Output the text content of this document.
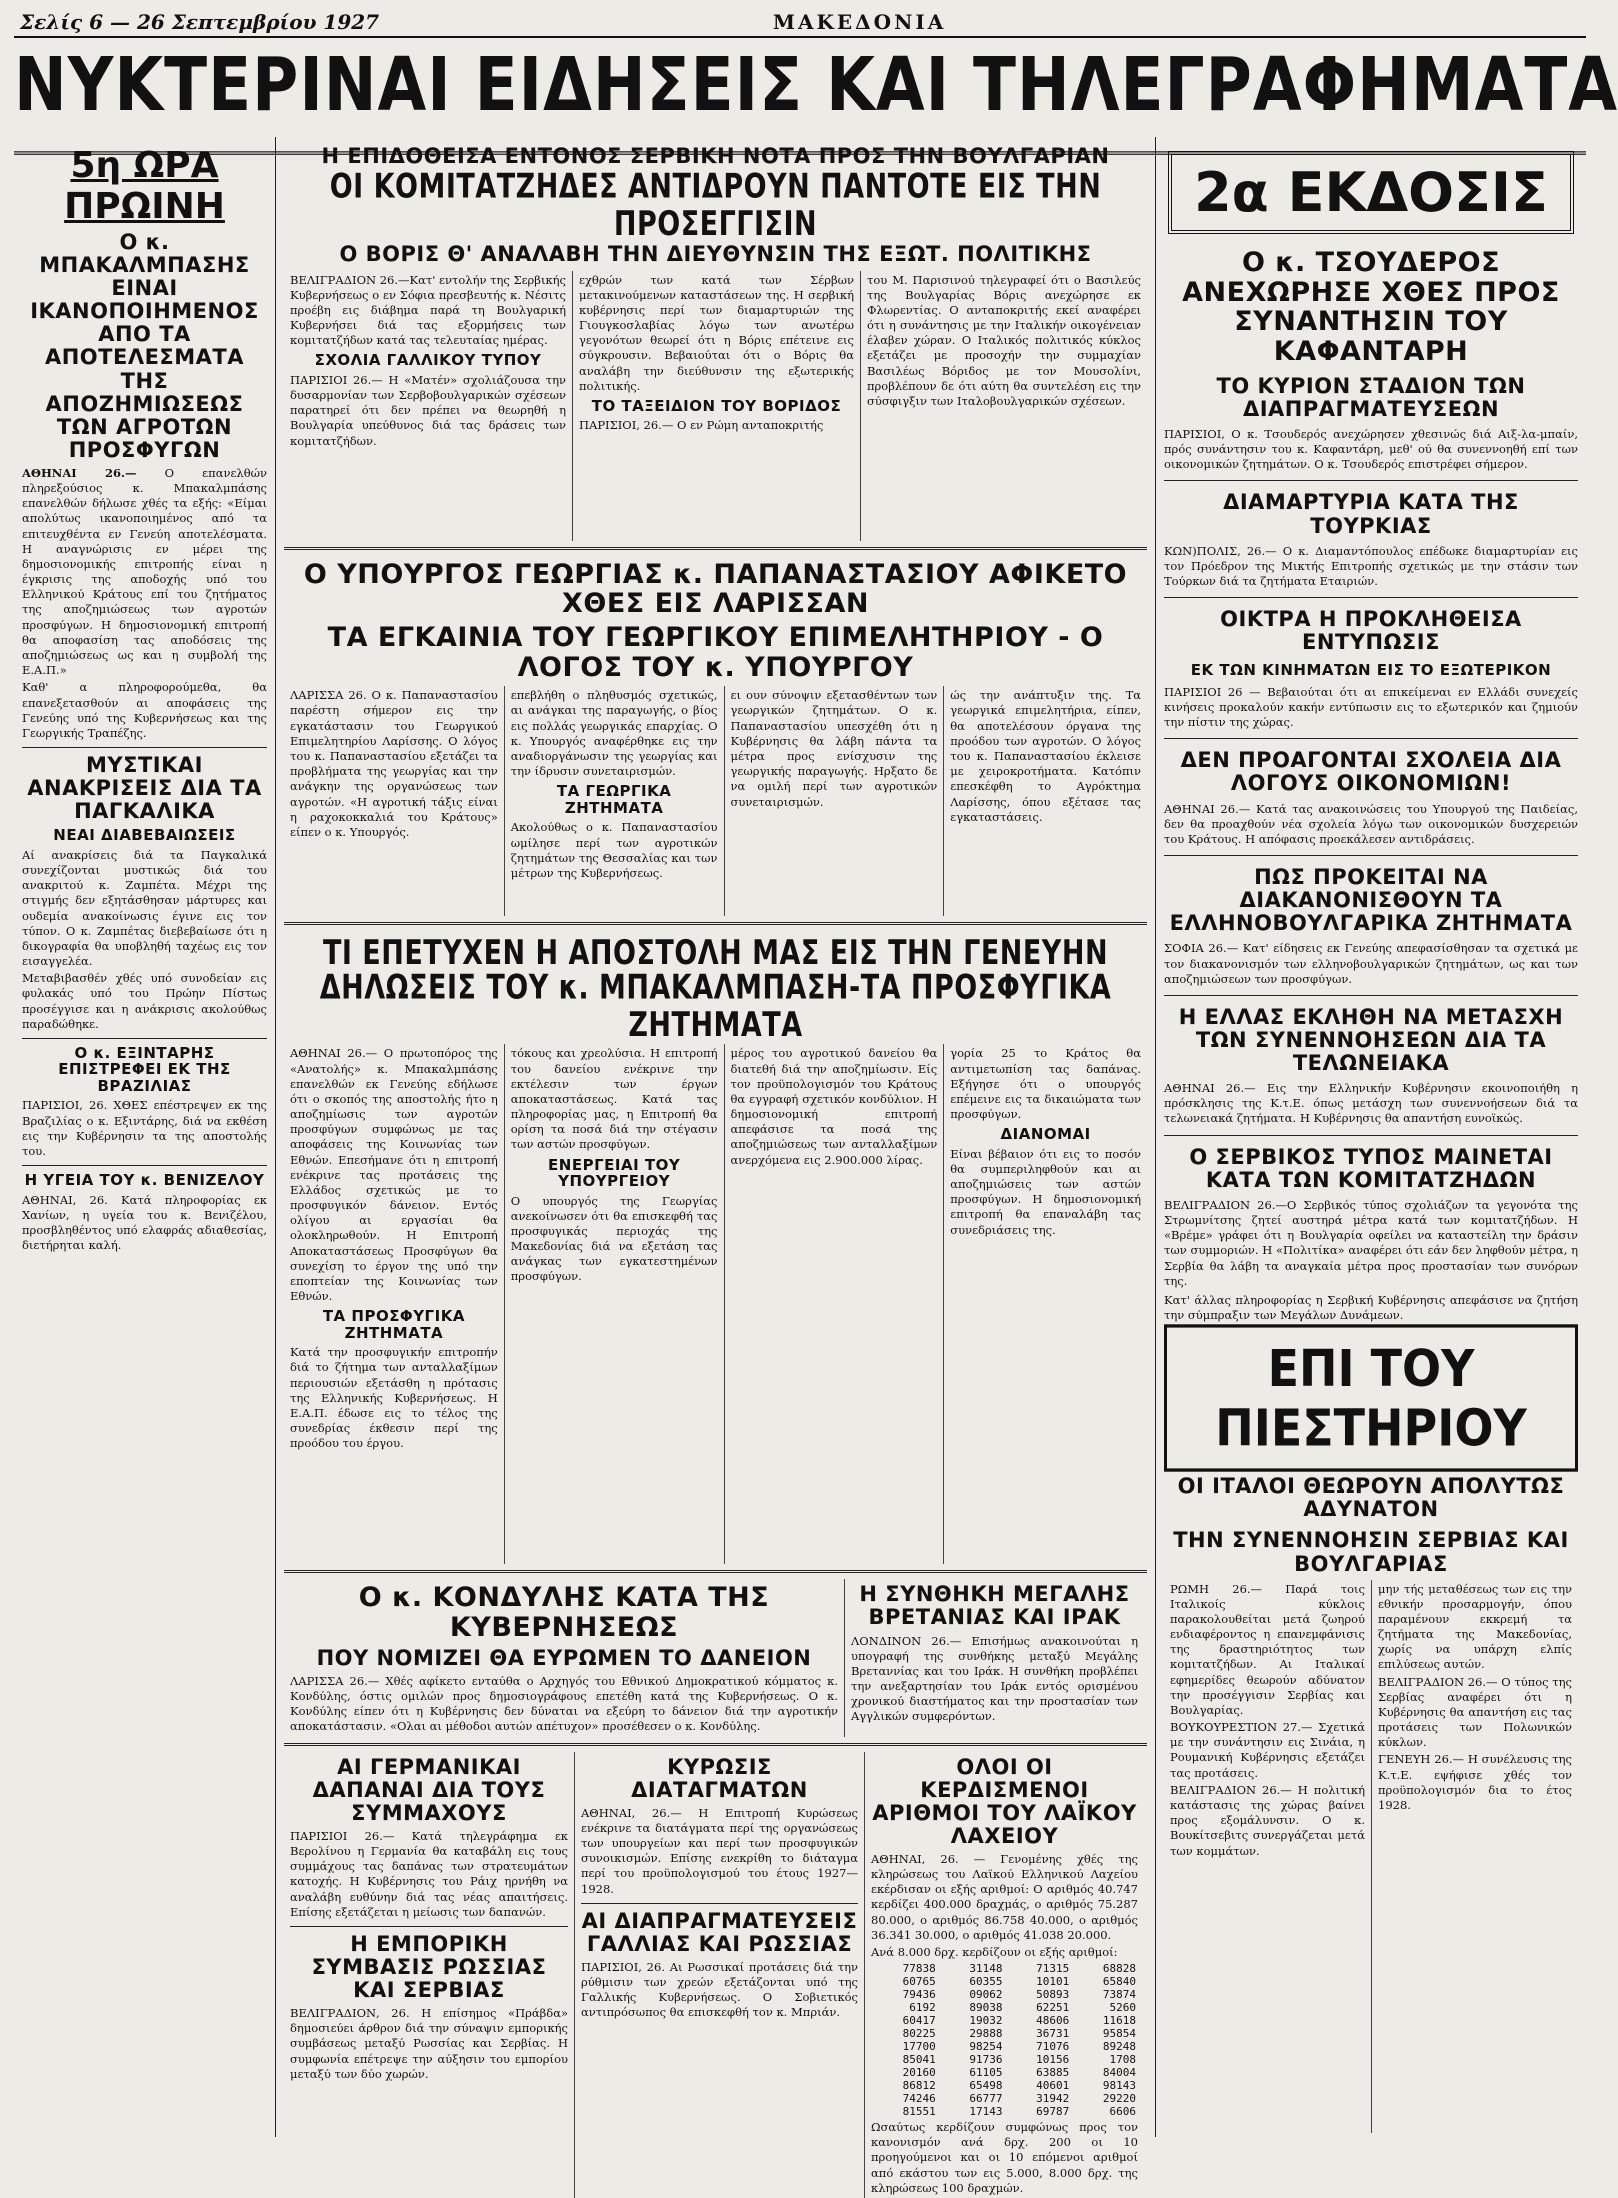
Σελίς 6 — 26 Σεπτεμβρίου 1927	ΜΑΚΕΔΟΝΙΑ
ΝΥΚΤΕΡΙΝΑΙ ΕΙΔΗΣΕΙΣ ΚΑΙ ΤΗΛΕΓΡΑΦΗΜΑΤΑ
5η ΩΡΑ ΠΡΩΙΝΗ
Ο κ. ΜΠΑΚΑΛΜΠΑΣΗΣ ΕΙΝΑΙ ΙΚΑΝΟΠΟΙΗΜΕΝΟΣ ΑΠΟ ΤΑ ΑΠΟΤΕΛΕΣΜΑΤΑ ΤΗΣ ΑΠΟΖΗΜΙΩΣΕΩΣ ΤΩΝ ΑΓΡΟΤΩΝ ΠΡΟΣΦΥΓΩΝ

ΑΘΗΝΑΙ 26.— Ο επανελθών πληρεξούσιος κ. Μπακαλμπάσης επανελθών δήλωσε χθές τα εξής: «Είμαι απολύτως ικανοποιημένος από τα επιτευχθέντα εν Γενεύη αποτελέσματα. Η αναγνώρισις εν μέρει της δημοσιονομικής επιτροπής είναι η έγκρισις της αποδοχής υπό του Ελληνικού Κράτους επί του ζητήματος της αποζημιώσεως των αγροτών προσφύγων. Η δημοσιονομική επιτροπή θα αποφασίση τας αποδόσεις της αποζημιώσεως ως και η συμβολή της Ε.Α.Π.»

Καθ' α πληροφορούμεθα, θα επανεξετασθούν αι αποφάσεις της Γενεύης υπό της Κυβερνήσεως και της Γεωργικής Τραπέζης.

ΜΥΣΤΙΚΑΙ ΑΝΑΚΡΙΣΕΙΣ ΔΙΑ ΤΑ ΠΑΓΚΑΛΙΚΑ
ΝΕΑΙ ΔΙΑΒΕΒΑΙΩΣΕΙΣ

Αί ανακρίσεις διά τα Παγκαλικά συνεχίζονται μυστικώς διά του ανακριτού κ. Ζαμπέτα. Μέχρι της στιγμής δεν εξητάσθησαν μάρτυρες και ουδεμία ανακοίνωσις έγινε εις τον τύπον. Ο κ. Ζαμπέτας διεβεβαίωσε ότι η δικογραφία θα υποβληθή ταχέως εις τον εισαγγελέα.

Μεταβιβασθέν χθές υπό συνοδείαν εις φυλακάς υπό του Πρώην Πίστως προσέγγισε και η ανάκρισις ακολούθως παραδώθηκε.

Ο κ. ΕΞΙΝΤΑΡΗΣ ΕΠΙΣΤΡΕΦΕΙ ΕΚ ΤΗΣ ΒΡΑΖΙΛΙΑΣ

ΠΑΡΙΣΙΟΙ, 26. ΧΘΕΣ επέστρεψεν εκ της Βραζιλίας ο κ. Εξιντάρης, διά να εκθέση εις την Κυβέρνησιν τα της αποστολής του.

Η ΥΓΕΙΑ ΤΟΥ κ. ΒΕΝΙΖΕΛΟΥ

ΑΘΗΝΑΙ, 26. Κατά πληροφορίας εκ Χανίων, η υγεία του κ. Βενιζέλου, προσβληθέντος υπό ελαφράς αδιαθεσίας, διετήρηται καλή.

Η ΕΠΙΔΟΘΕΙΣΑ ΕΝΤΟΝΟΣ ΣΕΡΒΙΚΗ ΝΟΤΑ ΠΡΟΣ ΤΗΝ ΒΟΥΛΓΑΡΙΑΝ
ΟΙ ΚΟΜΙΤΑΤΖΗΔΕΣ ΑΝΤΙΔΡΟΥΝ ΠΑΝΤΟΤΕ ΕΙΣ ΤΗΝ ΠΡΟΣΕΓΓΙΣΙΝ
Ο ΒΟΡΙΣ Θ' ΑΝΑΛΑΒΗ ΤΗΝ ΔΙΕΥΘΥΝΣΙΝ ΤΗΣ ΕΞΩΤ. ΠΟΛΙΤΙΚΗΣ

ΒΕΛΙΓΡΑΔΙΟΝ 26.—Κατ' εντολήν της Σερβικής Κυβερνήσεως ο εν Σόφια πρεσβευτής κ. Νέσιτς προέβη εις διάβημα παρά τη Βουλγαρική Κυβερνήσει διά τας εξορμήσεις των κομιτατζήδων κατά τας τελευταίας ημέρας.

ΣΧΟΛΙΑ ΓΑΛΛΙΚΟΥ ΤΥΠΟΥ

ΠΑΡΙΣΙΟΙ 26.— Η «Ματέν» σχολιάζουσα την δυσαρμονίαν των Σερβοβουλγαρικών σχέσεων παρατηρεί ότι δεν πρέπει να θεωρηθή η Βουλγαρία υπεύθυνος διά τας δράσεις των κομιτατζήδων.

εχθρών των κατά των Σέρβων μετακινούμενων καταστάσεων της. Η σερβική κυβέρνησις περί των διαμαρτυριών της Γιουγκοσλαβίας λόγω των ανωτέρω γεγονότων θεωρεί ότι η Βόρις επέτεινε εις σύγκρουσιν. Βεβαιούται ότι ο Βόρις θα αναλάβη την διεύθυνσιν της εξωτερικής πολιτικής.

ΤΟ ΤΑΞΕΙΔΙΟΝ ΤΟΥ ΒΟΡΙΔΟΣ

ΠΑΡΙΣΙΟΙ, 26.— Ο εν Ρώμη ανταποκριτής

του Μ. Παρισινού τηλεγραφεί ότι ο Βασιλεύς της Βουλγαρίας Βόρις ανεχώρησε εκ Φλωρεντίας. Ο ανταποκριτής εκεί αναφέρει ότι η συνάντησις με την Ιταλικήν οικογένειαν έλαβεν χώραν. Ο Ιταλικός πολιτικός κύκλος εξετάζει με προσοχήν την συμμαχίαν Βασιλέως Βόριδος με τον Μουσολίνι, προβλέπουν δε ότι αύτη θα συντελέση εις την σύσφιγξιν των Ιταλοβουλγαρικών σχέσεων.

Ο ΥΠΟΥΡΓΟΣ ΓΕΩΡΓΙΑΣ κ. ΠΑΠΑΝΑΣΤΑΣΙΟΥ ΑΦΙΚΕΤΟ ΧΘΕΣ ΕΙΣ ΛΑΡΙΣΣΑΝ
ΤΑ ΕΓΚΑΙΝΙΑ ΤΟΥ ΓΕΩΡΓΙΚΟΥ ΕΠΙΜΕΛΗΤΗΡΙΟΥ - Ο ΛΟΓΟΣ ΤΟΥ κ. ΥΠΟΥΡΓΟΥ

ΛΑΡΙΣΣΑ 26. Ο κ. Παπαναστασίου παρέστη σήμερον εις την εγκατάστασιν του Γεωργικού Επιμελητηρίου Λαρίσσης. Ο λόγος του κ. Παπαναστασίου εξετάζει τα προβλήματα της γεωργίας και την ανάγκην της οργανώσεως των αγροτών. «Η αγροτική τάξις είναι η ραχοκοκκαλιά του Κράτους» είπεν ο κ. Υπουργός.

επεβλήθη ο πληθυσμός σχετικώς, αι ανάγκαι της παραγωγής, ο βίος εις πολλάς γεωργικάς επαρχίας. Ο κ. Υπουργός αναφέρθηκε εις την αναδιοργάνωσιν της γεωργίας και την ίδρυσιν συνεταιρισμών.

ΤΑ ΓΕΩΡΓΙΚΑ ΖΗΤΗΜΑΤΑ

Ακολούθως ο κ. Παπαναστασίου ωμίλησε περί των αγροτικών ζητημάτων της Θεσσαλίας και των μέτρων της Κυβερνήσεως.

ει ουν σύνοψιν εξετασθέντων των γεωργικών ζητημάτων. Ο κ. Παπαναστασίου υπεσχέθη ότι η Κυβέρνησις θα λάβη πάντα τα μέτρα προς ενίσχυσιν της γεωργικής παραγωγής. Ηρξατο δε να ομιλή περί των αγροτικών συνεταιρισμών.

ώς την ανάπτυξιν της. Τα γεωργικά επιμελητήρια, είπεν, θα αποτελέσουν όργανα της προόδου των αγροτών. Ο λόγος του κ. Παπαναστασίου έκλεισε με χειροκροτήματα. Κατόπιν επεσκέφθη το Αγρόκτημα Λαρίσσης, όπου εξέτασε τας εγκαταστάσεις.

ΤΙ ΕΠΕΤΥΧΕΝ Η ΑΠΟΣΤΟΛΗ ΜΑΣ ΕΙΣ ΤΗΝ ΓΕΝΕΥΗΝ
ΔΗΛΩΣΕΙΣ ΤΟΥ κ. ΜΠΑΚΑΛΜΠΑΣΗ-ΤΑ ΠΡΟΣΦΥΓΙΚΑ ΖΗΤΗΜΑΤΑ

ΑΘΗΝΑΙ 26.— Ο πρωτοπόρος της «Ανατολής» κ. Μπακαλμπάσης επανελθών εκ Γενεύης εδήλωσε ότι ο σκοπός της αποστολής ήτο η αποζημίωσις των αγροτών προσφύγων συμφώνως με τας αποφάσεις της Κοινωνίας των Εθνών. Επεσήμανε ότι η επιτροπή ενέκρινε τας προτάσεις της Ελλάδος σχετικώς με το προσφυγικόν δάνειον. Εντός ολίγου αι εργασίαι θα ολοκληρωθούν. Η Επιτροπή Αποκαταστάσεως Προσφύγων θα συνεχίση το έργον της υπό την εποπτείαν της Κοινωνίας των Εθνών.

ΤΑ ΠΡΟΣΦΥΓΙΚΑ ΖΗΤΗΜΑΤΑ

Κατά την προσφυγικήν επιτροπήν διά το ζήτημα των ανταλλαξίμων περιουσιών εξετάσθη η πρότασις της Ελληνικής Κυβερνήσεως. Η Ε.Α.Π. έδωσε εις το τέλος της συνεδρίας έκθεσιν περί της προόδου του έργου.

τόκους και χρεολύσια. Η επιτροπή του δανείου ενέκρινε την εκτέλεσιν των έργων αποκαταστάσεως. Κατά τας πληροφορίας μας, η Επιτροπή θα ορίση τα ποσά διά την στέγασιν των αστών προσφύγων.

ΕΝΕΡΓΕΙΑΙ ΤΟΥ ΥΠΟΥΡΓΕΙΟΥ

Ο υπουργός της Γεωργίας ανεκοίνωσεν ότι θα επισκεφθή τας προσφυγικάς περιοχάς της Μακεδονίας διά να εξετάση τας ανάγκας των εγκατεστημένων προσφύγων.

μέρος του αγροτικού δανείου θα διατεθή διά την αποζημίωσιν. Είς τον προϋπολογισμόν του Κράτους θα εγγραφή σχετικόν κονδύλιον. Η δημοσιονομική επιτροπή απεφάσισε τα ποσά της αποζημιώσεως των ανταλλαξίμων ανερχόμενα εις 2.900.000 λίρας.

γορία 25 το Κράτος θα αντιμετωπίση τας δαπάνας. Εξήγησε ότι ο υπουργός επέμεινε εις τα δικαιώματα των προσφύγων.

ΔΙΑΝΟΜΑΙ

Είναι βέβαιον ότι εις το ποσόν θα συμπεριληφθούν και αι αποζημιώσεις των αστών προσφύγων. Η δημοσιονομική επιτροπή θα επαναλάβη τας συνεδριάσεις της.

Ο κ. ΚΟΝΔΥΛΗΣ ΚΑΤΑ ΤΗΣ ΚΥΒΕΡΝΗΣΕΩΣ
ΠΟΥ ΝΟΜΙΖΕΙ ΘΑ ΕΥΡΩΜΕΝ ΤΟ ΔΑΝΕΙΟΝ

ΛΑΡΙΣΣΑ 26.— Χθές αφίκετο ενταύθα ο Αρχηγός του Εθνικού Δημοκρατικού κόμματος κ. Κονδύλης, όστις ομιλών προς δημοσιογράφους επετέθη κατά της Κυβερνήσεως. Ο κ. Κονδύλης είπεν ότι η Κυβέρνησις δεν δύναται να εξεύρη το δάνειον διά την αγροτικήν αποκατάστασιν. «Ολαι αι μέθοδοι αυτών απέτυχον» προσέθεσεν ο κ. Κονδύλης.

Η ΣΥΝΘΗΚΗ ΜΕΓΑΛΗΣ ΒΡΕΤΑΝΙΑΣ ΚΑΙ ΙΡΑΚ

ΛΟΝΔΙΝΟΝ 26.— Επισήμως ανακοινούται η υπογραφή της συνθήκης μεταξύ Μεγάλης Βρεταννίας και του Ιράκ. Η συνθήκη προβλέπει την ανεξαρτησίαν του Ιράκ εντός ορισμένου χρονικού διαστήματος και την προστασίαν των Αγγλικών συμφερόντων.

ΑΙ ΓΕΡΜΑΝΙΚΑΙ ΔΑΠΑΝΑΙ ΔΙΑ ΤΟΥΣ ΣΥΜΜΑΧΟΥΣ

ΠΑΡΙΣΙΟΙ 26.— Κατά τηλεγράφημα εκ Βερολίνου η Γερμανία θα καταβάλη εις τους συμμάχους τας δαπάνας των στρατευμάτων κατοχής. Η Κυβέρνησις του Ράιχ ηρνήθη να αναλάβη ευθύνην διά τας νέας απαιτήσεις. Επίσης εξετάζεται η μείωσις των δαπανών.

Η ΕΜΠΟΡΙΚΗ ΣΥΜΒΑΣΙΣ ΡΩΣΣΙΑΣ ΚΑΙ ΣΕΡΒΙΑΣ

ΒΕΛΙΓΡΑΔΙΟΝ, 26. Η επίσημος «Πράβδα» δημοσιεύει άρθρον διά την σύναψιν εμπορικής συμβάσεως μεταξύ Ρωσσίας και Σερβίας. Η συμφωνία επέτρεψε την αύξησιν του εμπορίου μεταξύ των δύο χωρών.

ΚΥΡΩΣΙΣ ΔΙΑΤΑΓΜΑΤΩΝ

ΑΘΗΝΑΙ, 26.— Η Επιτροπή Κυρώσεως ενέκρινε τα διατάγματα περί της οργανώσεως των υπουργείων και περί των προσφυγικών συνοικισμών. Επίσης ενεκρίθη το διάταγμα περί του προϋπολογισμού του έτους 1927—1928.

ΑΙ ΔΙΑΠΡΑΓΜΑΤΕΥΣΕΙΣ ΓΑΛΛΙΑΣ ΚΑΙ ΡΩΣΣΙΑΣ

ΠΑΡΙΣΙΟΙ, 26. Αι Ρωσσικαί προτάσεις διά την ρύθμισιν των χρεών εξετάζονται υπό της Γαλλικής Κυβερνήσεως. Ο Σοβιετικός αντιπρόσωπος θα επισκεφθή τον κ. Μπριάν.

ΟΛΟΙ ΟΙ ΚΕΡΔΙΣΜΕΝΟΙ ΑΡΙΘΜΟΙ ΤΟΥ ΛΑΪΚΟΥ ΛΑΧΕΙΟΥ

ΑΘΗΝΑΙ, 26. — Γενομένης χθές της κληρώσεως του Λαϊκού Ελληνικού Λαχείου εκέρδισαν οι εξής αριθμοί: Ο αριθμός 40.747 κερδίζει 400.000 δραχμάς, ο αριθμός 75.287 80.000, ο αριθμός 86.758 40.000, ο αριθμός 36.341 30.000, ο αριθμός 41.038 20.000.

Ανά 8.000 δρχ. κερδίζουν οι εξής αριθμοί:

77838	31148	71315	68828
60765	60355	10101	65840
79436	09062	50893	73874
6192	89038	62251	5260
60417	19032	48606	11618
80225	29888	36731	95854
17700	98254	71076	89248
85041	91736	10156	1708
20160	61105	63885	84004
86812	65498	40601	98143
74246	66777	31942	29220
81551	17143	69787	6606

Ωσαύτως κερδίζουν συμφώνως προς τον κανονισμόν ανά δρχ. 200 οι 10 προηγούμενοι και οι 10 επόμενοι αριθμοί από εκάστου των εις 5.000, 8.000 δρχ. της κληρώσεως 100 δραχμών.

2α ΕΚΔΟΣΙΣ
Ο κ. ΤΣΟΥΔΕΡΟΣ ΑΝΕΧΩΡΗΣΕ ΧΘΕΣ ΠΡΟΣ ΣΥΝΑΝΤΗΣΙΝ ΤΟΥ ΚΑΦΑΝΤΑΡΗ
ΤΟ ΚΥΡΙΟΝ ΣΤΑΔΙΟΝ ΤΩΝ ΔΙΑΠΡΑΓΜΑΤΕΥΣΕΩΝ

ΠΑΡΙΣΙΟΙ, Ο κ. Τσουδερός ανεχώρησεν χθεσινώς διά Αιξ-λα-μπαίν, πρός συνάντησιν του κ. Καφαντάρη, μεθ' ού θα συνεννοηθή επί των οικονομικών ζητημάτων. Ο κ. Τσουδερός επιστρέφει σήμερον.

ΔΙΑΜΑΡΤΥΡΙΑ ΚΑΤΑ ΤΗΣ ΤΟΥΡΚΙΑΣ

ΚΩΝ)ΠΟΛΙΣ, 26.— Ο κ. Διαμαντόπουλος επέδωκε διαμαρτυρίαν εις τον Πρόεδρον της Μικτής Επιτροπής σχετικώς με την στάσιν των Τούρκων διά τα ζητήματα Εταιριών.

ΟΙΚΤΡΑ Η ΠΡΟΚΛΗΘΕΙΣΑ ΕΝΤΥΠΩΣΙΣ
ΕΚ ΤΩΝ ΚΙΝΗΜΑΤΩΝ ΕΙΣ ΤΟ ΕΞΩΤΕΡΙΚΟΝ

ΠΑΡΙΣΙΟΙ 26 — Βεβαιούται ότι αι επικείμεναι εν Ελλάδι συνεχείς κινήσεις προκαλούν κακήν εντύπωσιν εις το εξωτερικόν και ζημιούν την πίστιν της χώρας.

ΔΕΝ ΠΡΟΑΓΟΝΤΑΙ ΣΧΟΛΕΙΑ ΔΙΑ ΛΟΓΟΥΣ ΟΙΚΟΝΟΜΙΩΝ!

ΑΘΗΝΑΙ 26.— Κατά τας ανακοινώσεις του Υπουργού της Παιδείας, δεν θα προαχθούν νέα σχολεία λόγω των οικονομικών δυσχερειών του Κράτους. Η απόφασις προεκάλεσεν αντιδράσεις.

ΠΩΣ ΠΡΟΚΕΙΤΑΙ ΝΑ ΔΙΑΚΑΝΟΝΙΣΘΟΥΝ ΤΑ ΕΛΛΗΝΟΒΟΥΛΓΑΡΙΚΑ ΖΗΤΗΜΑΤΑ

ΣΟΦΙΑ 26.— Κατ' είδησεις εκ Γενεύης απεφασίσθησαν τα σχετικά με τον διακανονισμόν των ελληνοβουλγαρικών ζητημάτων, ως και των αποζημιώσεων των προσφύγων.

Η ΕΛΛΑΣ ΕΚΛΗΘΗ ΝΑ ΜΕΤΑΣΧΗ ΤΩΝ ΣΥΝΕΝΝΟΗΣΕΩΝ ΔΙΑ ΤΑ ΤΕΛΩΝΕΙΑΚΑ

ΑΘΗΝΑΙ 26.— Εις την Ελληνικήν Κυβέρνησιν εκοινοποιήθη η πρόσκλησις της Κ.τ.Ε. όπως μετάσχη των συνεννοήσεων διά τα τελωνειακά ζητήματα. Η Κυβέρνησις θα απαντήση ευνοϊκώς.

Ο ΣΕΡΒΙΚΟΣ ΤΥΠΟΣ ΜΑΙΝΕΤΑΙ ΚΑΤΑ ΤΩΝ ΚΟΜΙΤΑΤΖΗΔΩΝ

ΒΕΛΙΓΡΑΔΙΟΝ 26.—Ο Σερβικός τύπος σχολιάζων τα γεγονότα της Στρωμνίτσης ζητεί αυστηρά μέτρα κατά των κομιτατζήδων. Η «Βρέμε» γράφει ότι η Βουλγαρία οφείλει να καταστείλη την δράσιν των συμμοριών. Η «Πολιτίκα» αναφέρει ότι εάν δεν ληφθούν μέτρα, η Σερβία θα λάβη τα αναγκαία μέτρα προς προστασίαν των συνόρων της.

Κατ' άλλας πληροφορίας η Σερβική Κυβέρνησις απεφάσισε να ζητήση την σύμπραξιν των Μεγάλων Δυνάμεων.

ΕΠΙ ΤΟΥ ΠΙΕΣΤΗΡΙΟΥ
ΟΙ ΙΤΑΛΟΙ ΘΕΩΡΟΥΝ ΑΠΟΛΥΤΩΣ ΑΔΥΝΑΤΟΝ
ΤΗΝ ΣΥΝΕΝΝΟΗΣΙΝ ΣΕΡΒΙΑΣ ΚΑΙ ΒΟΥΛΓΑΡΙΑΣ

ΡΩΜΗ 26.— Παρά τοις Ιταλικοίς κύκλοις παρακολουθείται μετά ζωηρού ενδιαφέροντος η επανεμφάνισις της δραστηριότητος των κομιτατζήδων. Αι Ιταλικαί εφημερίδες θεωρούν αδύνατον την προσέγγισιν Σερβίας και Βουλγαρίας.

ΒΟΥΚΟΥΡΕΣΤΙΟΝ 27.— Σχετικά με την συνάντησιν εις Σινάια, η Ρουμανική Κυβέρνησις εξετάζει τας προτάσεις.

ΒΕΛΙΓΡΑΔΙΟΝ 26.— Η πολιτική κατάστασις της χώρας βαίνει προς εξομάλυνσιν. Ο κ. Βουκίτσεβιτς συνεργάζεται μετά των κομμάτων.

μην τής μεταθέσεως των εις την εθνικήν προσαρμογήν, όπου παραμένουν εκκρεμή τα ζητήματα της Μακεδονίας, χωρίς να υπάρχη ελπίς επιλύσεως αυτών.

ΒΕΛΙΓΡΑΔΙΟΝ 26.— Ο τύπος της Σερβίας αναφέρει ότι η Κυβέρνησις θα απαντήση εις τας προτάσεις των Πολωνικών κύκλων.

ΓΕΝΕΥΗ 26.— Η συνέλευσις της Κ.τ.Ε. εψήφισε χθές τον προϋπολογισμόν δια το έτος 1928.
